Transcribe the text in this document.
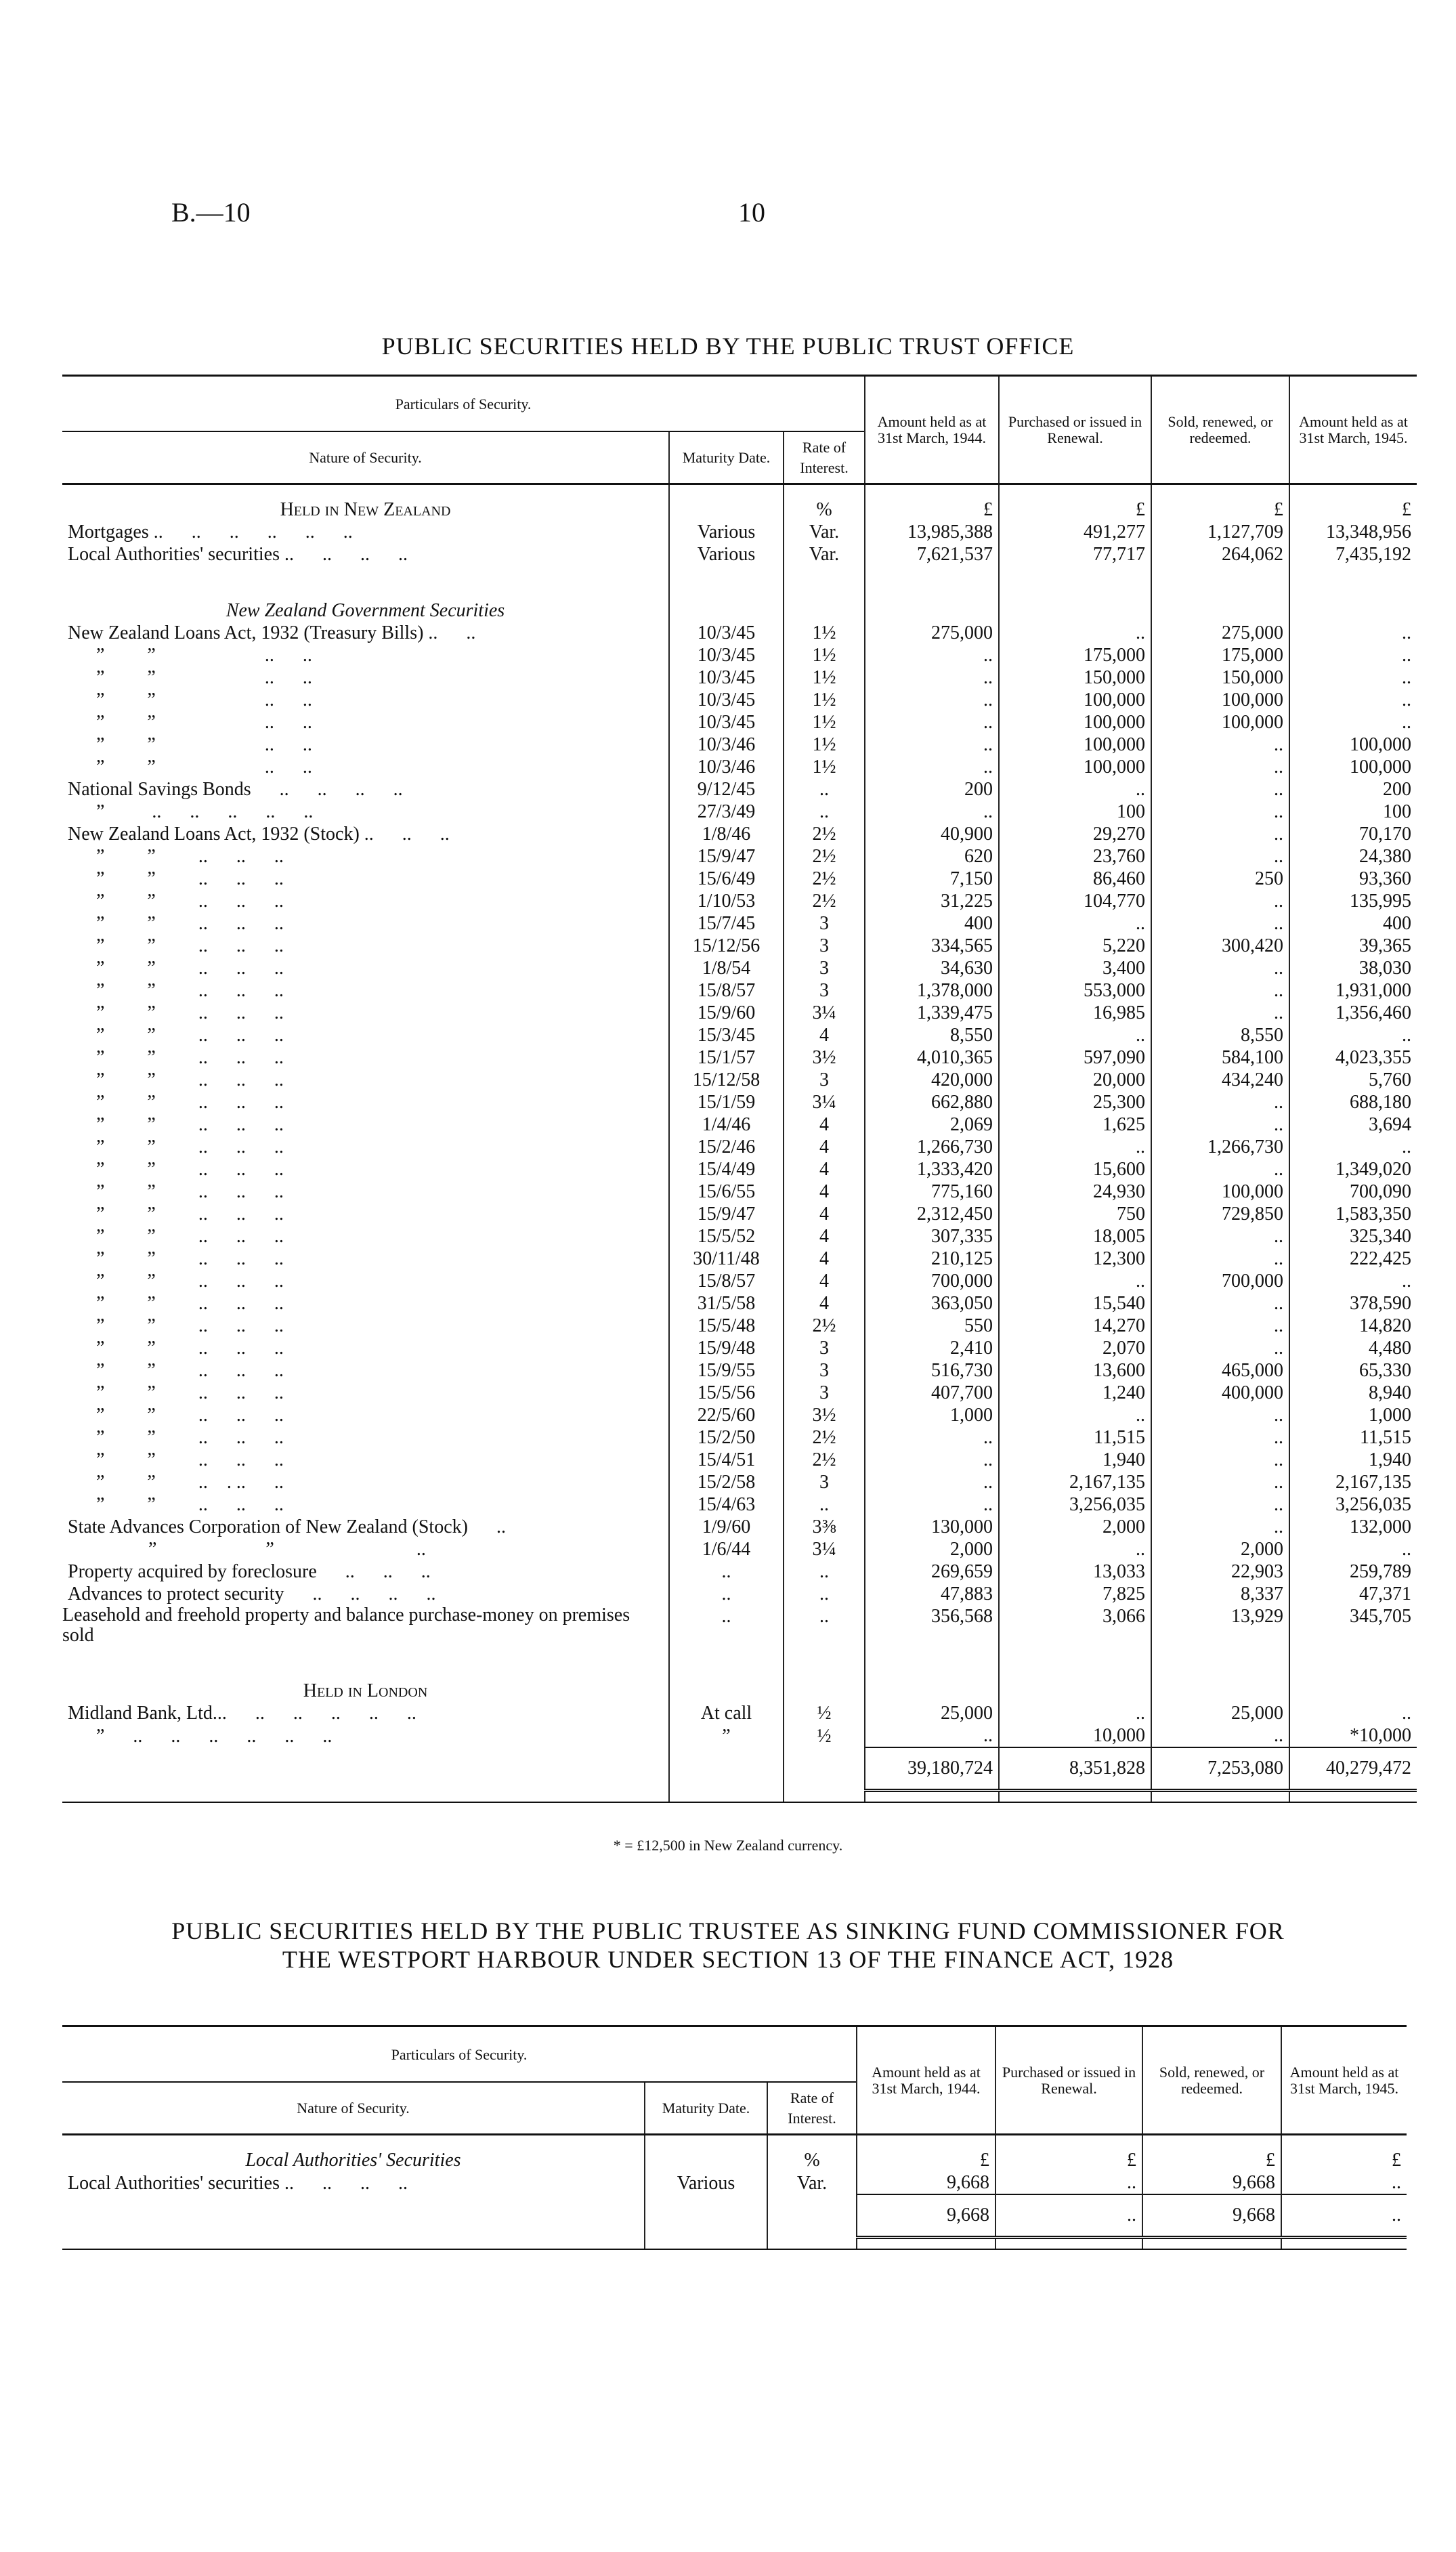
B.—10	10
PUBLIC SECURITIES HELD BY THE PUBLIC TRUST OFFICE
Particulars of Security.			Amount held as at 31st March, 1944.	Purchased or issued in Renewal.	Sold, renewed, or redeemed.	Amount held as at 31st March, 1945.
Nature of Security.	Maturity Date.	Rate of Interest.				

Held in New Zealand		%	£	£	£	£
Mortgages ..      ..      ..      ..      ..      ..	Various	Var.	13,985,388	491,277	1,127,709	13,348,956
Local Authorities' securities ..      ..      ..      ..	Various	Var.	7,621,537	77,717	264,062	7,435,192

New Zealand Government Securities						
New Zealand Loans Act, 1932 (Treasury Bills) ..      ..	10/3/45	1½	275,000	..	275,000	..
”         ”                       ..      ..	10/3/45	1½	..	175,000	175,000	..
”         ”                       ..      ..	10/3/45	1½	..	150,000	150,000	..
”         ”                       ..      ..	10/3/45	1½	..	100,000	100,000	..
”         ”                       ..      ..	10/3/45	1½	..	100,000	100,000	..
”         ”                       ..      ..	10/3/46	1½	..	100,000	..	100,000
”         ”                       ..      ..	10/3/46	1½	..	100,000	..	100,000
National Savings Bonds      ..      ..      ..      ..	9/12/45	..	200	..	..	200
”          ..      ..      ..      ..      ..	27/3/49	..	..	100	..	100
New Zealand Loans Act, 1932 (Stock) ..      ..      ..	1/8/46	2½	40,900	29,270	..	70,170
”         ”         ..      ..      ..	15/9/47	2½	620	23,760	..	24,380
”         ”         ..      ..      ..	15/6/49	2½	7,150	86,460	250	93,360
”         ”         ..      ..      ..	1/10/53	2½	31,225	104,770	..	135,995
”         ”         ..      ..      ..	15/7/45	3	400	..	..	400
”         ”         ..      ..      ..	15/12/56	3	334,565	5,220	300,420	39,365
”         ”         ..      ..      ..	1/8/54	3	34,630	3,400	..	38,030
”         ”         ..      ..      ..	15/8/57	3	1,378,000	553,000	..	1,931,000
”         ”         ..      ..      ..	15/9/60	3¼	1,339,475	16,985	..	1,356,460
”         ”         ..      ..      ..	15/3/45	4	8,550	..	8,550	..
”         ”         ..      ..      ..	15/1/57	3½	4,010,365	597,090	584,100	4,023,355
”         ”         ..      ..      ..	15/12/58	3	420,000	20,000	434,240	5,760
”         ”         ..      ..      ..	15/1/59	3¼	662,880	25,300	..	688,180
”         ”         ..      ..      ..	1/4/46	4	2,069	1,625	..	3,694
”         ”         ..      ..      ..	15/2/46	4	1,266,730	..	1,266,730	..
”         ”         ..      ..      ..	15/4/49	4	1,333,420	15,600	..	1,349,020
”         ”         ..      ..      ..	15/6/55	4	775,160	24,930	100,000	700,090
”         ”         ..      ..      ..	15/9/47	4	2,312,450	750	729,850	1,583,350
”         ”         ..      ..      ..	15/5/52	4	307,335	18,005	..	325,340
”         ”         ..      ..      ..	30/11/48	4	210,125	12,300	..	222,425
”         ”         ..      ..      ..	15/8/57	4	700,000	..	700,000	..
”         ”         ..      ..      ..	31/5/58	4	363,050	15,540	..	378,590
”         ”         ..      ..      ..	15/5/48	2½	550	14,270	..	14,820
”         ”         ..      ..      ..	15/9/48	3	2,410	2,070	..	4,480
”         ”         ..      ..      ..	15/9/55	3	516,730	13,600	465,000	65,330
”         ”         ..      ..      ..	15/5/56	3	407,700	1,240	400,000	8,940
”         ”         ..      ..      ..	22/5/60	3½	1,000	..	..	1,000
”         ”         ..      ..      ..	15/2/50	2½	..	11,515	..	11,515
”         ”         ..      ..      ..	15/4/51	2½	..	1,940	..	1,940
”         ”         ..    . ..      ..	15/2/58	3	..	2,167,135	..	2,167,135
”         ”         ..      ..      ..	15/4/63	..	..	3,256,035	..	3,256,035
State Advances Corporation of New Zealand (Stock)      ..	1/9/60	3⅜	130,000	2,000	..	132,000
”                       ”                              ..	1/6/44	3¼	2,000	..	2,000	..
Property acquired by foreclosure      ..      ..      ..	..	..	269,659	13,033	22,903	259,789
Advances to protect security      ..      ..      ..      ..	..	..	47,883	7,825	8,337	47,371
Leasehold and freehold property and balance purchase-money on premises sold	..	..	356,568	3,066	13,929	345,705

Held in London						
Midland Bank, Ltd...      ..      ..      ..      ..      ..	At call	½	25,000	..	25,000	..
”      ..      ..      ..      ..      ..      ..	”	½	..	10,000	..	*10,000
			39,180,724	8,351,828	7,253,080	40,279,472

* = £12,500 in New Zealand currency.
PUBLIC SECURITIES HELD BY THE PUBLIC TRUSTEE AS SINKING FUND COMMISSIONER FOR
THE WESTPORT HARBOUR UNDER SECTION 13 OF THE FINANCE ACT, 1928
Particulars of Security.			Amount held as at 31st March, 1944.	Purchased or issued in Renewal.	Sold, renewed, or redeemed.	Amount held as at 31st March, 1945.
Nature of Security.	Maturity Date.	Rate of Interest.				

Local Authorities' Securities		%	£	£	£	£
Local Authorities' securities ..      ..      ..      ..	Various	Var.	9,668	..	9,668	..
			9,668	..	9,668	..
